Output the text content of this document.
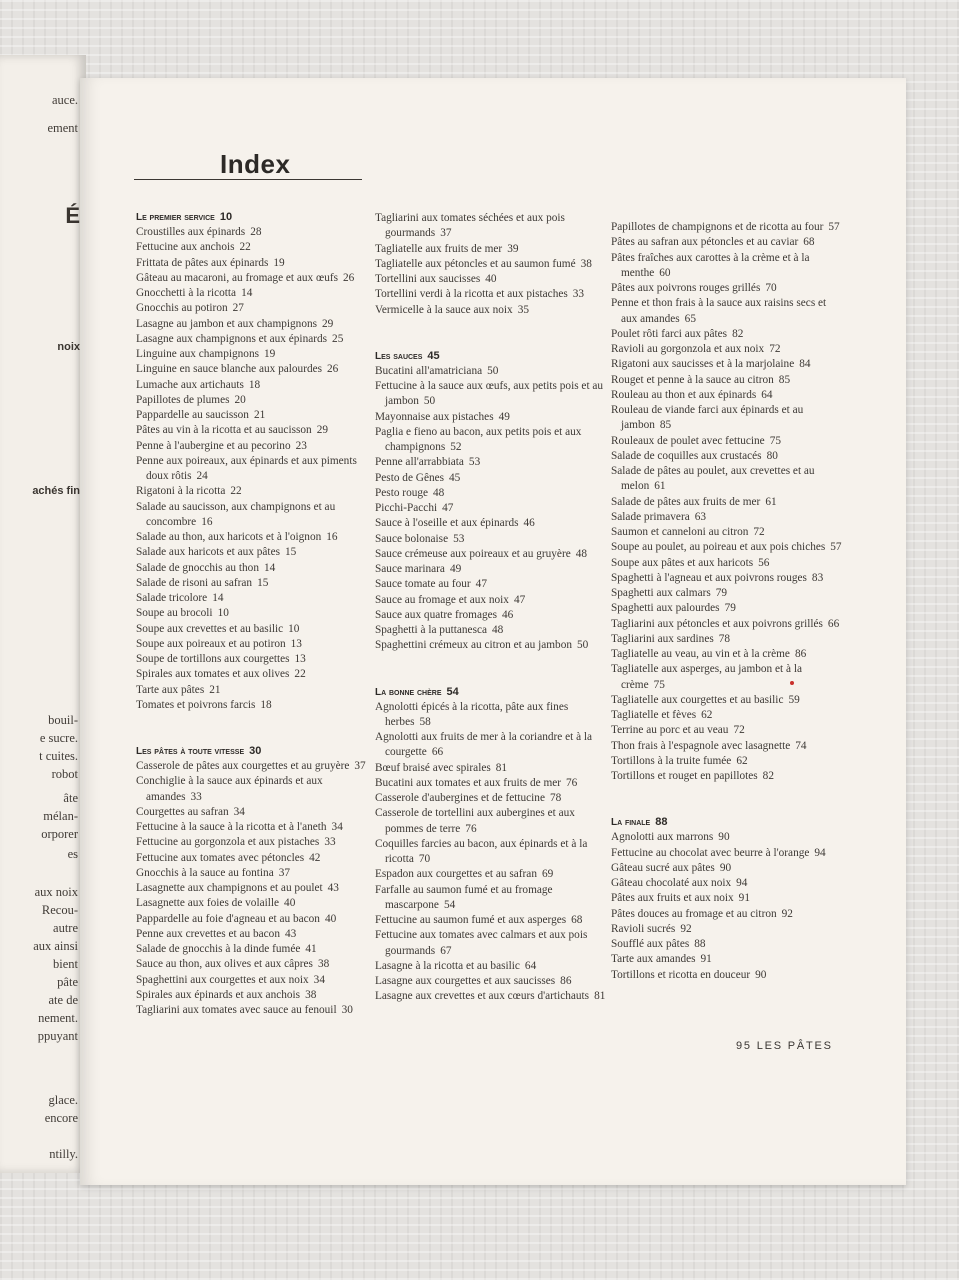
auce.
ement
É
noix
achés fin
bouil-
e sucre.
t cuites.
robot
âte
mélan-
orporer
es
aux noix
Recou-
autre
aux ainsi
bient
pâte
ate de
nement.
ppuyant
glace.
encore
ntilly.
Index
Le premier service 10
Croustilles aux épinards 28
Fettucine aux anchois 22
Frittata de pâtes aux épinards 19
Gâteau au macaroni, au fromage et aux œufs 26
Gnocchetti à la ricotta 14
Gnocchis au potiron 27
Lasagne au jambon et aux champignons 29
Lasagne aux champignons et aux épinards 25
Linguine aux champignons 19
Linguine en sauce blanche aux palourdes 26
Lumache aux artichauts 18
Papillotes de plumes 20
Pappardelle au saucisson 21
Pâtes au vin à la ricotta et au saucisson 29
Penne à l'aubergine et au pecorino 23
Penne aux poireaux, aux épinards et aux piments doux rôtis 24
Rigatoni à la ricotta 22
Salade au saucisson, aux champignons et au concombre 16
Salade au thon, aux haricots et à l'oignon 16
Salade aux haricots et aux pâtes 15
Salade de gnocchis au thon 14
Salade de risoni au safran 15
Salade tricolore 14
Soupe au brocoli 10
Soupe aux crevettes et au basilic 10
Soupe aux poireaux et au potiron 13
Soupe de tortillons aux courgettes 13
Spirales aux tomates et aux olives 22
Tarte aux pâtes 21
Tomates et poivrons farcis 18
Les pâtes à toute vitesse 30
Casserole de pâtes aux courgettes et au gruyère 37
Conchiglie à la sauce aux épinards et aux amandes 33
Courgettes au safran 34
Fettucine à la sauce à la ricotta et à l'aneth 34
Fettucine au gorgonzola et aux pistaches 33
Fettucine aux tomates avec pétoncles 42
Gnocchis à la sauce au fontina 37
Lasagnette aux champignons et au poulet 43
Lasagnette aux foies de volaille 40
Pappardelle au foie d'agneau et au bacon 40
Penne aux crevettes et au bacon 43
Salade de gnocchis à la dinde fumée 41
Sauce au thon, aux olives et aux câpres 38
Spaghettini aux courgettes et aux noix 34
Spirales aux épinards et aux anchois 38
Tagliarini aux tomates avec sauce au fenouil 30
Tagliarini aux tomates séchées et aux pois gourmands 37
Tagliatelle aux fruits de mer 39
Tagliatelle aux pétoncles et au saumon fumé 38
Tortellini aux saucisses 40
Tortellini verdi à la ricotta et aux pistaches 33
Vermicelle à la sauce aux noix 35
Les sauces 45
Bucatini all'amatriciana 50
Fettucine à la sauce aux œufs, aux petits pois et au jambon 50
Mayonnaise aux pistaches 49
Paglia e fieno au bacon, aux petits pois et aux champignons 52
Penne all'arrabbiata 53
Pesto de Gênes 45
Pesto rouge 48
Picchi-Pacchi 47
Sauce à l'oseille et aux épinards 46
Sauce bolonaise 53
Sauce crémeuse aux poireaux et au gruyère 48
Sauce marinara 49
Sauce tomate au four 47
Sauce au fromage et aux noix 47
Sauce aux quatre fromages 46
Spaghetti à la puttanesca 48
Spaghettini crémeux au citron et au jambon 50
La bonne chère 54
Agnolotti épicés à la ricotta, pâte aux fines herbes 58
Agnolotti aux fruits de mer à la coriandre et à la courgette 66
Bœuf braisé avec spirales 81
Bucatini aux tomates et aux fruits de mer 76
Casserole d'aubergines et de fettucine 78
Casserole de tortellini aux aubergines et aux pommes de terre 76
Coquilles farcies au bacon, aux épinards et à la ricotta 70
Espadon aux courgettes et au safran 69
Farfalle au saumon fumé et au fromage mascarpone 54
Fettucine au saumon fumé et aux asperges 68
Fettucine aux tomates avec calmars et aux pois gourmands 67
Lasagne à la ricotta et au basilic 64
Lasagne aux courgettes et aux saucisses 86
Lasagne aux crevettes et aux cœurs d'artichauts 81
Papillotes de champignons et de ricotta au four 57
Pâtes au safran aux pétoncles et au caviar 68
Pâtes fraîches aux carottes à la crème et à la menthe 60
Pâtes aux poivrons rouges grillés 70
Penne et thon frais à la sauce aux raisins secs et aux amandes 65
Poulet rôti farci aux pâtes 82
Ravioli au gorgonzola et aux noix 72
Rigatoni aux saucisses et à la marjolaine 84
Rouget et penne à la sauce au citron 85
Rouleau au thon et aux épinards 64
Rouleau de viande farci aux épinards et au jambon 85
Rouleaux de poulet avec fettucine 75
Salade de coquilles aux crustacés 80
Salade de pâtes au poulet, aux crevettes et au melon 61
Salade de pâtes aux fruits de mer 61
Salade primavera 63
Saumon et canneloni au citron 72
Soupe au poulet, au poireau et aux pois chiches 57
Soupe aux pâtes et aux haricots 56
Spaghetti à l'agneau et aux poivrons rouges 83
Spaghetti aux calmars 79
Spaghetti aux palourdes 79
Tagliarini aux pétoncles et aux poivrons grillés 66
Tagliarini aux sardines 78
Tagliatelle au veau, au vin et à la crème 86
Tagliatelle aux asperges, au jambon et à la crème 75
Tagliatelle aux courgettes et au basilic 59
Tagliatelle et fèves 62
Terrine au porc et au veau 72
Thon frais à l'espagnole avec lasagnette 74
Tortillons à la truite fumée 62
Tortillons et rouget en papillotes 82
La finale 88
Agnolotti aux marrons 90
Fettucine au chocolat avec beurre à l'orange 94
Gâteau sucré aux pâtes 90
Gâteau chocolaté aux noix 94
Pâtes aux fruits et aux noix 91
Pâtes douces au fromage et au citron 92
Ravioli sucrés 92
Soufflé aux pâtes 88
Tarte aux amandes 91
Tortillons et ricotta en douceur 90
95 LES PÂTES
